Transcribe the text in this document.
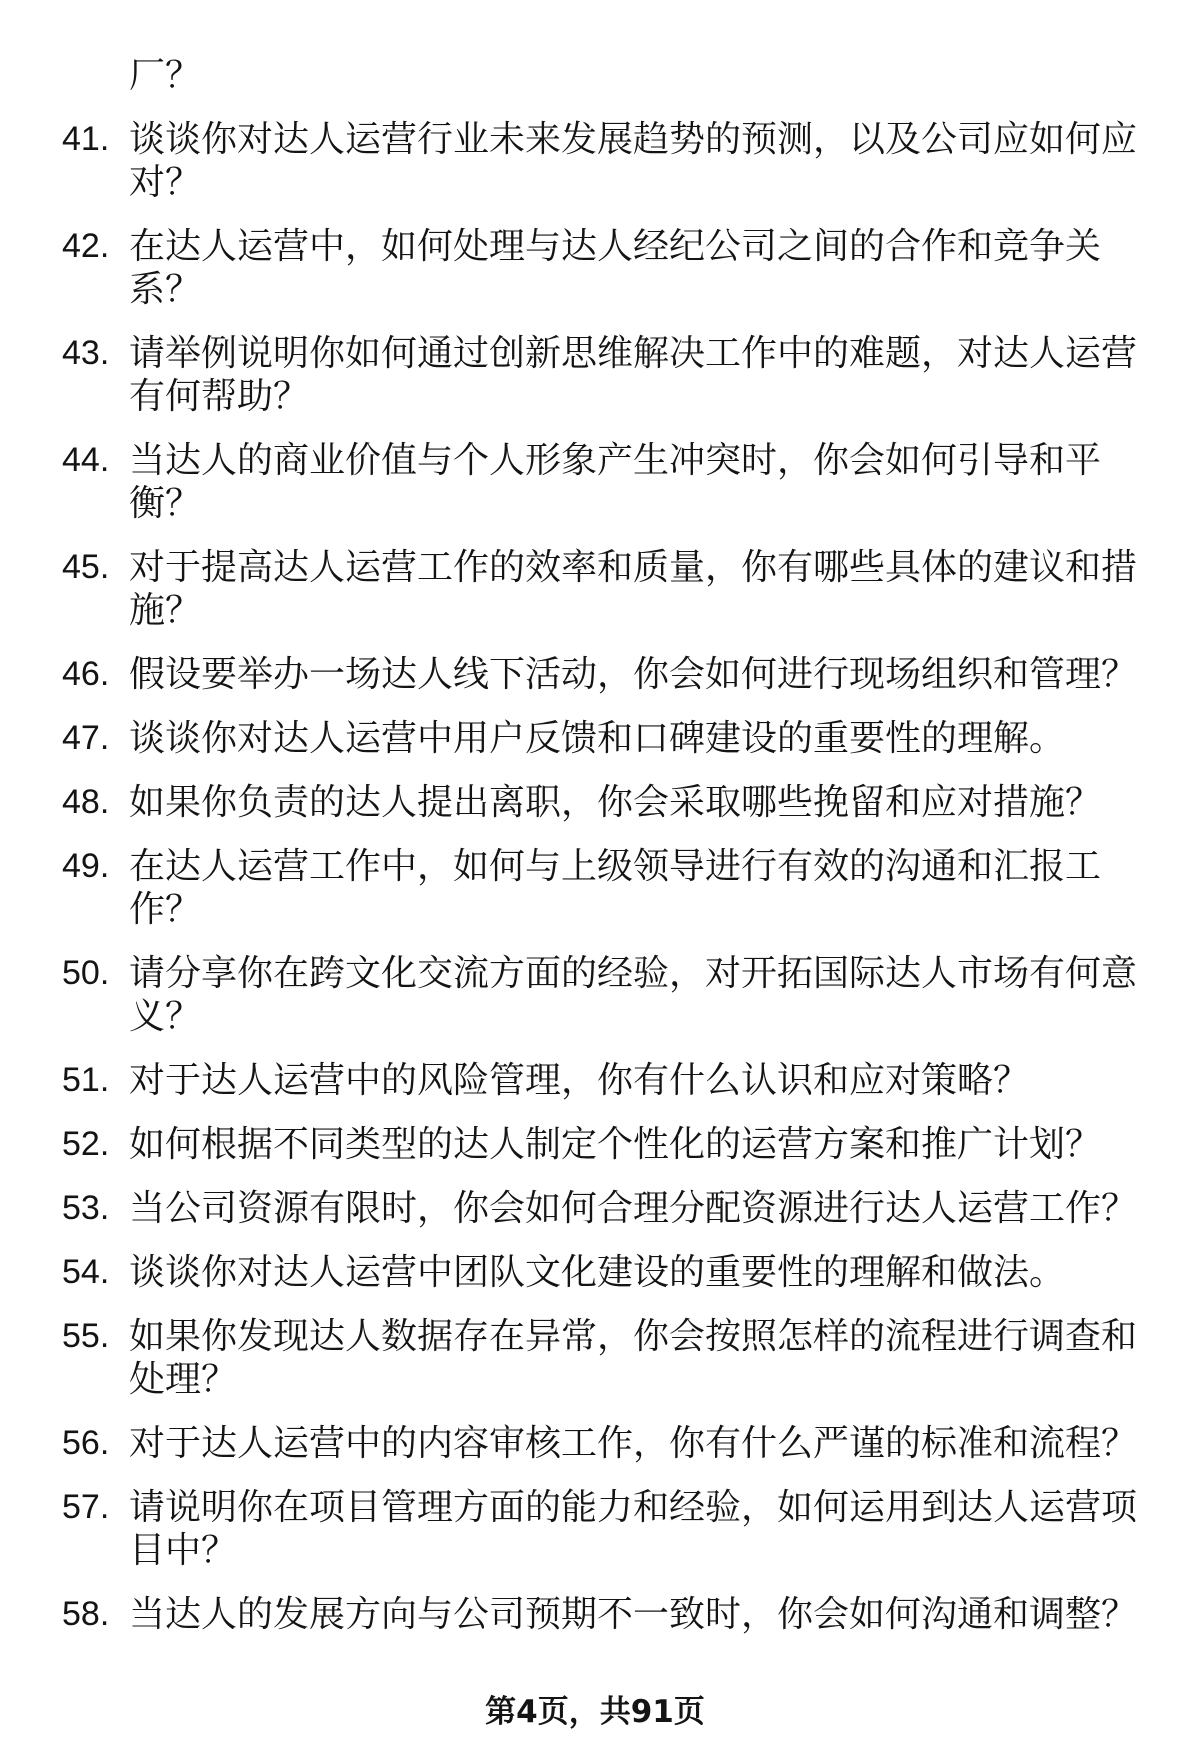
厂？
41. 谈谈你对达人运营行业未来发展趋势的预测，以及公司应如何应对？
42. 在达人运营中，如何处理与达人经纪公司之间的合作和竞争关系？
43. 请举例说明你如何通过创新思维解决工作中的难题，对达人运营有何帮助？
44. 当达人的商业价值与个人形象产生冲突时，你会如何引导和平衡？
45. 对于提高达人运营工作的效率和质量，你有哪些具体的建议和措施？
46. 假设要举办一场达人线下活动，你会如何进行现场组织和管理？
47. 谈谈你对达人运营中用户反馈和口碑建设的重要性的理解。
48. 如果你负责的达人提出离职，你会采取哪些挽留和应对措施？
49. 在达人运营工作中，如何与上级领导进行有效的沟通和汇报工作？
50. 请分享你在跨文化交流方面的经验，对开拓国际达人市场有何意义？
51. 对于达人运营中的风险管理，你有什么认识和应对策略？
52. 如何根据不同类型的达人制定个性化的运营方案和推广计划？
53. 当公司资源有限时，你会如何合理分配资源进行达人运营工作？
54. 谈谈你对达人运营中团队文化建设的重要性的理解和做法。
55. 如果你发现达人数据存在异常，你会按照怎样的流程进行调查和处理？
56. 对于达人运营中的内容审核工作，你有什么严谨的标准和流程？
57. 请说明你在项目管理方面的能力和经验，如何运用到达人运营项目中？
58. 当达人的发展方向与公司预期不一致时，你会如何沟通和调整？
第4页，共91页
